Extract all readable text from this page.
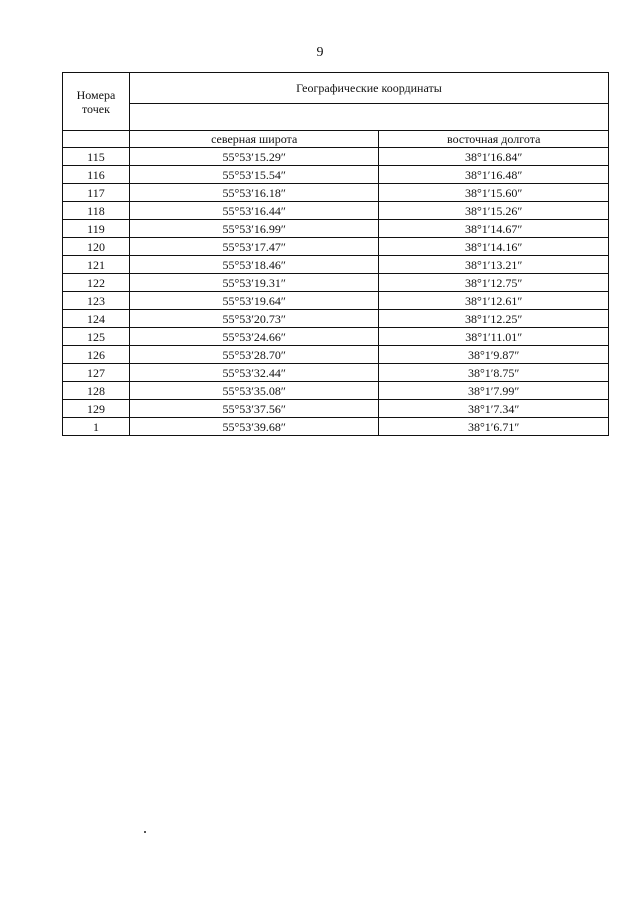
9
Номера
точек	Географические координаты	

	северная широта	восточная долгота
115	55°53′15.29″	38°1′16.84″
116	55°53′15.54″	38°1′16.48″
117	55°53′16.18″	38°1′15.60″
118	55°53′16.44″	38°1′15.26″
119	55°53′16.99″	38°1′14.67″
120	55°53′17.47″	38°1′14.16″
121	55°53′18.46″	38°1′13.21″
122	55°53′19.31″	38°1′12.75″
123	55°53′19.64″	38°1′12.61″
124	55°53′20.73″	38°1′12.25″
125	55°53′24.66″	38°1′11.01″
126	55°53′28.70″	38°1′9.87″
127	55°53′32.44″	38°1′8.75″
128	55°53′35.08″	38°1′7.99″
129	55°53′37.56″	38°1′7.34″
1	55°53′39.68″	38°1′6.71″
